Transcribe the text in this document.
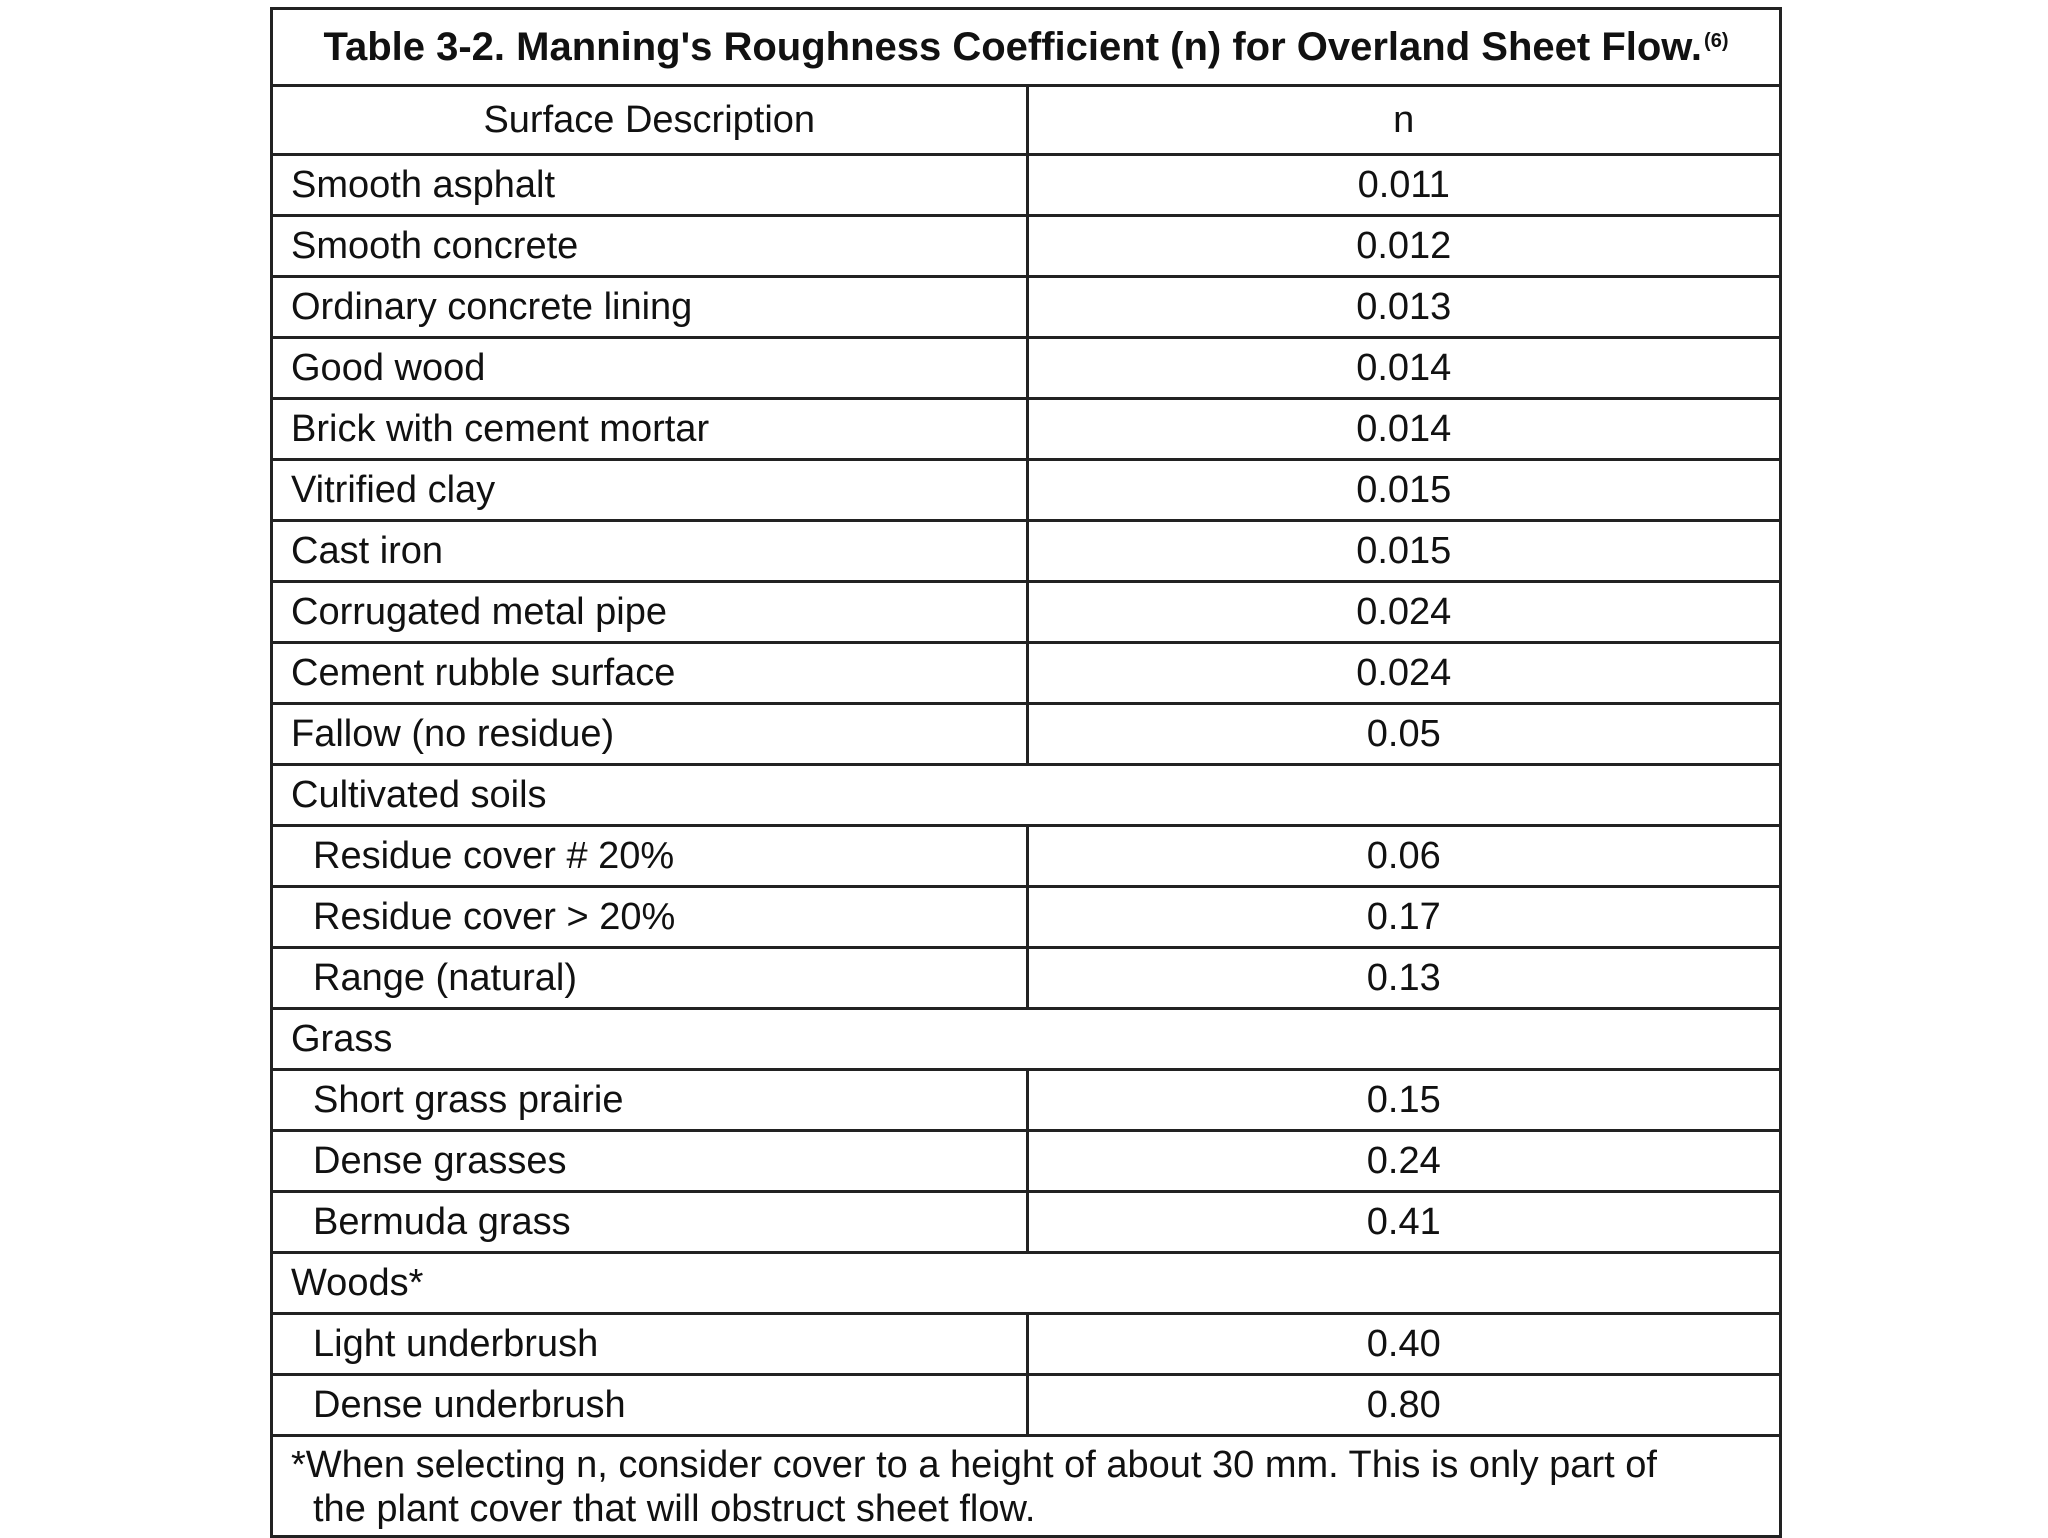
Table 3-2. Manning's Roughness Coefficient (n) for Overland Sheet Flow.$^{(6)}$
Surface Description	n
Smooth asphalt	0.011
Smooth concrete	0.012
Ordinary concrete lining	0.013
Good wood	0.014
Brick with cement mortar	0.014
Vitrified clay	0.015
Cast iron	0.015
Corrugated metal pipe	0.024
Cement rubble surface	0.024
Fallow (no residue)	0.05
Cultivated soils	
Residue cover # 20%	0.06
Residue cover > 20%	0.17
Range (natural)	0.13
Grass	
Short grass prairie	0.15
Dense grasses	0.24
Bermuda grass	0.41
Woods*	
Light underbrush	0.40
Dense underbrush	0.80
*When selecting n, consider cover to a height of about 30 mm. This is only part of
the plant cover that will obstruct sheet flow.
